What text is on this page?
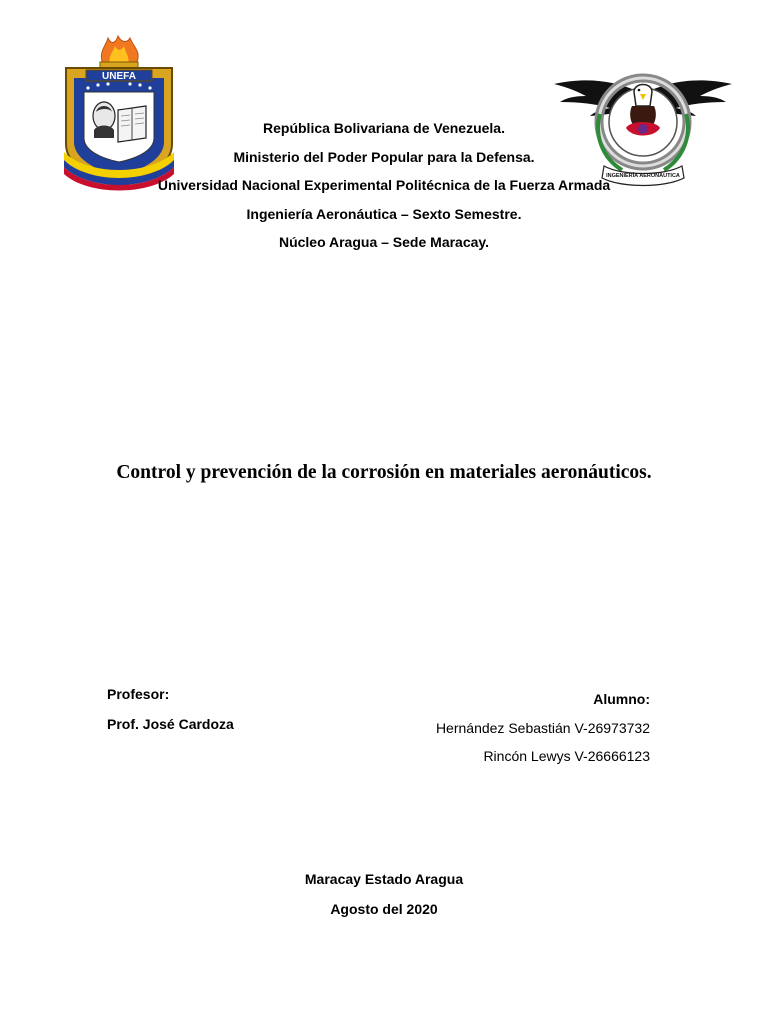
UNEFA
INGENIERÍA AERONÁUTICA
República Bolivariana de Venezuela.
Ministerio del Poder Popular para la Defensa.
Universidad Nacional Experimental Politécnica de la Fuerza Armada
Ingeniería Aeronáutica – Sexto Semestre.
Núcleo Aragua – Sede Maracay.
Control y prevención de la corrosión en materiales aeronáuticos.
Profesor:
Prof. José Cardoza
Alumno:
Hernández Sebastián V-26973732
Rincón Lewys V-26666123
Maracay Estado Aragua
Agosto del 2020
